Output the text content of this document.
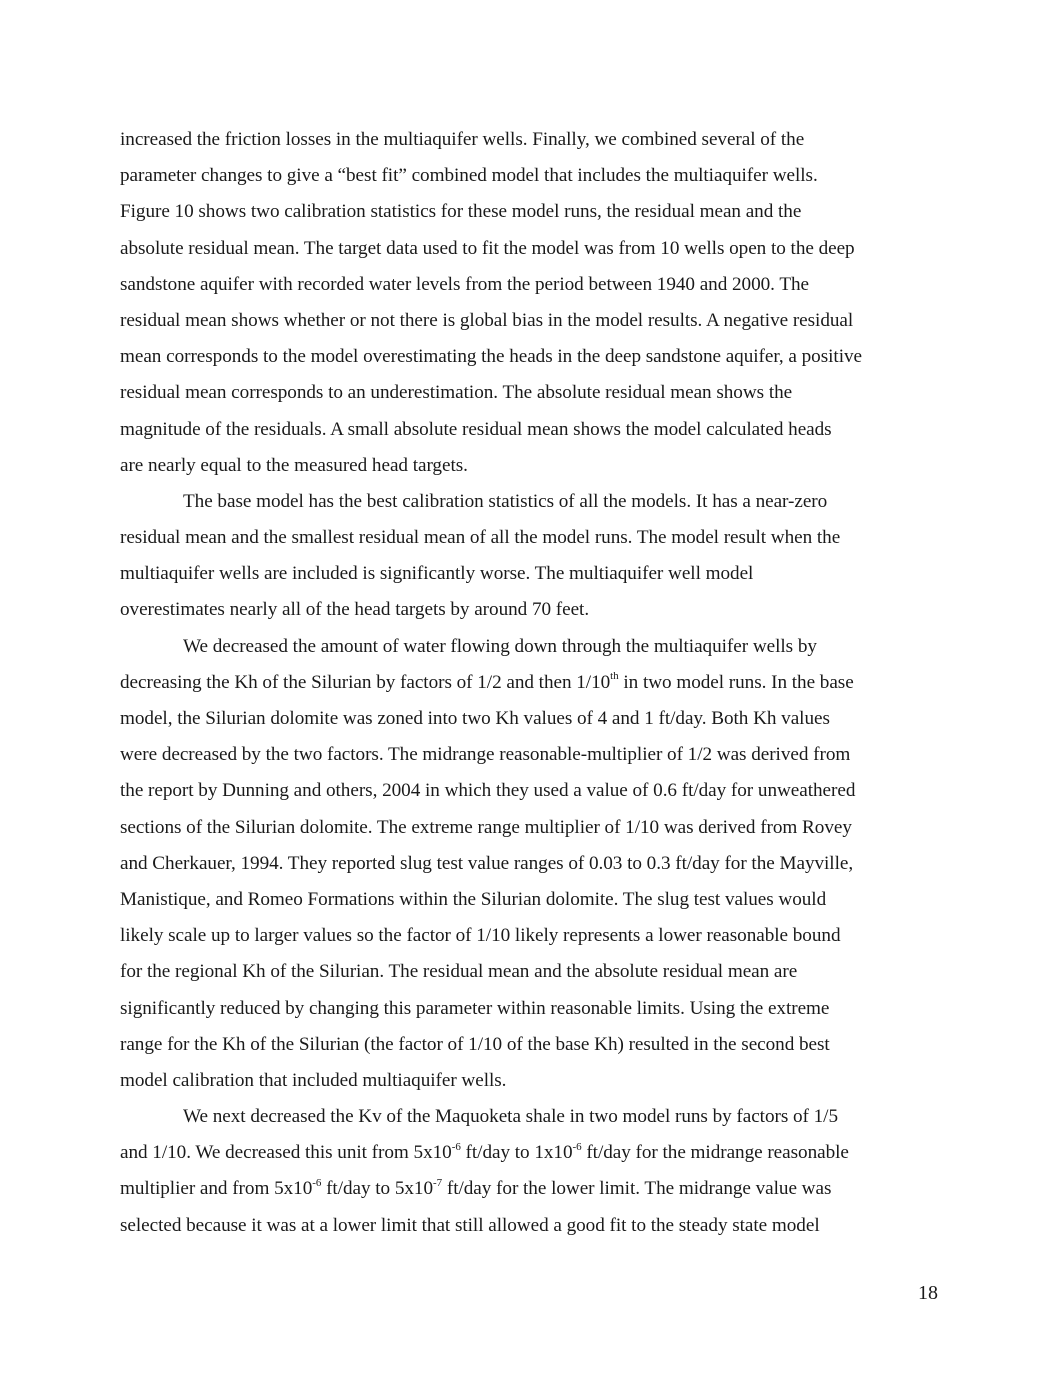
increased the friction losses in the multiaquifer wells. Finally, we combined several of the
parameter changes to give a “best fit” combined model that includes the multiaquifer wells.
Figure 10 shows two calibration statistics for these model runs, the residual mean and the
absolute residual mean. The target data used to fit the model was from 10 wells open to the deep
sandstone aquifer with recorded water levels from the period between 1940 and 2000. The
residual mean shows whether or not there is global bias in the model results. A negative residual
mean corresponds to the model overestimating the heads in the deep sandstone aquifer, a positive
residual mean corresponds to an underestimation. The absolute residual mean shows the
magnitude of the residuals. A small absolute residual mean shows the model calculated heads
are nearly equal to the measured head targets.
The base model has the best calibration statistics of all the models. It has a near-zero
residual mean and the smallest residual mean of all the model runs. The model result when the
multiaquifer wells are included is significantly worse. The multiaquifer well model
overestimates nearly all of the head targets by around 70 feet.
We decreased the amount of water flowing down through the multiaquifer wells by
decreasing the Kh of the Silurian by factors of 1/2 and then 1/10th in two model runs. In the base
model, the Silurian dolomite was zoned into two Kh values of 4 and 1 ft/day. Both Kh values
were decreased by the two factors. The midrange reasonable-multiplier of 1/2 was derived from
the report by Dunning and others, 2004 in which they used a value of 0.6 ft/day for unweathered
sections of the Silurian dolomite. The extreme range multiplier of 1/10 was derived from Rovey
and Cherkauer, 1994. They reported slug test value ranges of 0.03 to 0.3 ft/day for the Mayville,
Manistique, and Romeo Formations within the Silurian dolomite. The slug test values would
likely scale up to larger values so the factor of 1/10 likely represents a lower reasonable bound
for the regional Kh of the Silurian. The residual mean and the absolute residual mean are
significantly reduced by changing this parameter within reasonable limits. Using the extreme
range for the Kh of the Silurian (the factor of 1/10 of the base Kh) resulted in the second best
model calibration that included multiaquifer wells.
We next decreased the Kv of the Maquoketa shale in two model runs by factors of 1/5
and 1/10. We decreased this unit from $5x10^{-6}$ ft/day to $1x10^{-6}$ ft/day for the midrange reasonable
multiplier and from $5x10^{-6}$ ft/day to $5x10^{-7}$ ft/day for the lower limit. The midrange value was
selected because it was at a lower limit that still allowed a good fit to the steady state model
18
